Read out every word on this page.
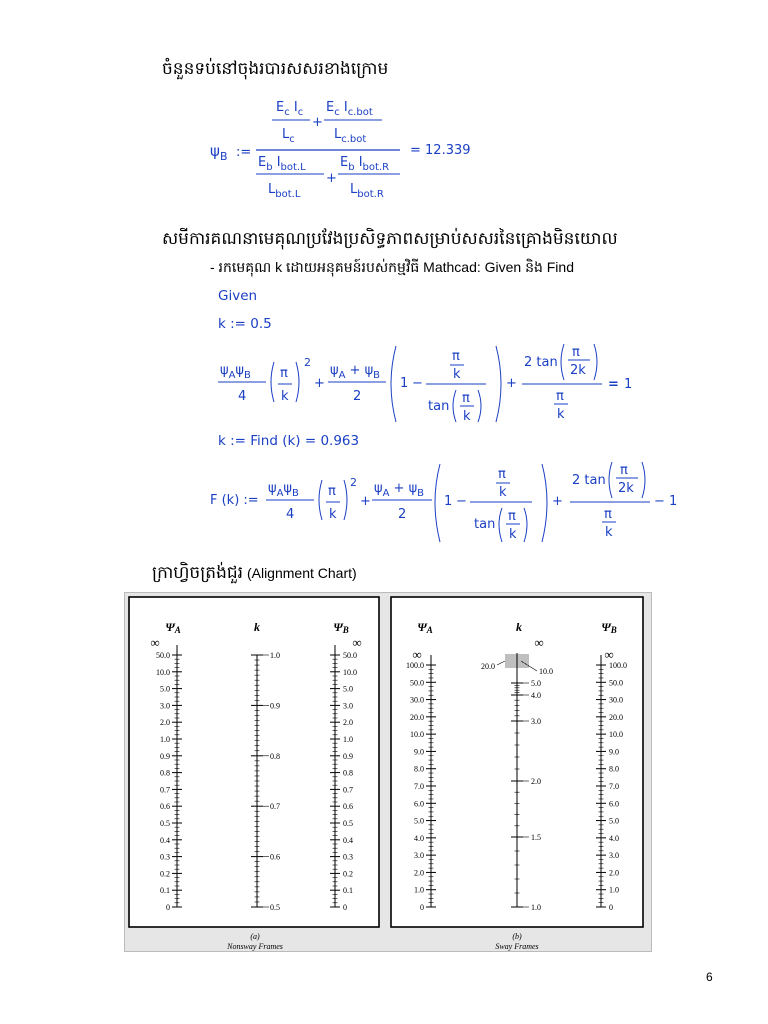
ចំនួនទប់នៅចុងរបារសសរខាងក្រោម
ψ B :=
$E_c$ $I_c$
$L_c$
+
$E_c$ $I_{c.bot}$
$L_{c.bot}$
$E_b$ $I_{bot.L}$
$L_{bot.L}$
+
$E_b$ $I_{bot.R}$
$L_{bot.R}$
= 12.339
សមីការគណនាមេគុណប្រវែងប្រសិទ្ធភាពសម្រាប់សសរនៃគ្រោងមិនយោល
- រកមេគុណ k ដោយអនុគមន៍របស់កម្មវិធី Mathcad: Given និង Find
Given
k := 0.5
$\psi_A\psi_B$
4
π
k
2
+
$\psi_A + \psi_B$
2
1 −
π
k
tan
π
k
+
2 tan
π
2k
π
k
= 1
k := Find (k) = 0.963
F (k) :=
$\psi_A\psi_B$
4
π
k
2
+
$\psi_A + \psi_B$
2
1 −
π
k
tan
π
k
+
2 tan
π
2k
π
k
− 1
ក្រាហ្វិចត្រង់ជួរ (Alignment Chart)
ΨA	k	ΨB
∞	∞
50.0
10.0
5.0
3.0
2.0
1.0
0.9
0.8
0.7
0.6
0.5
0.4
0.3
0.2
0.1
0
1.0
0.9
0.8
0.7
0.6
0.5
50.0
10.0
5.0
3.0
2.0
1.0
0.9
0.8
0.7
0.6
0.5
0.4
0.3
0.2
0.1
0
(a)
Nonsway Frames
ΨA	k	ΨB
∞
∞
∞
100.0
50.0
30.0
20.0
10.0
9.0
8.0
7.0
6.0
5.0
4.0
3.0
2.0
1.0
0
100.0
50.0
30.0
20.0
10.0
9.0
8.0
7.0
6.0
5.0
4.0
3.0
2.0
1.0
0
20.0
10.0
5.0
4.0
3.0
2.0
1.5
1.0
(b)
Sway Frames
6
